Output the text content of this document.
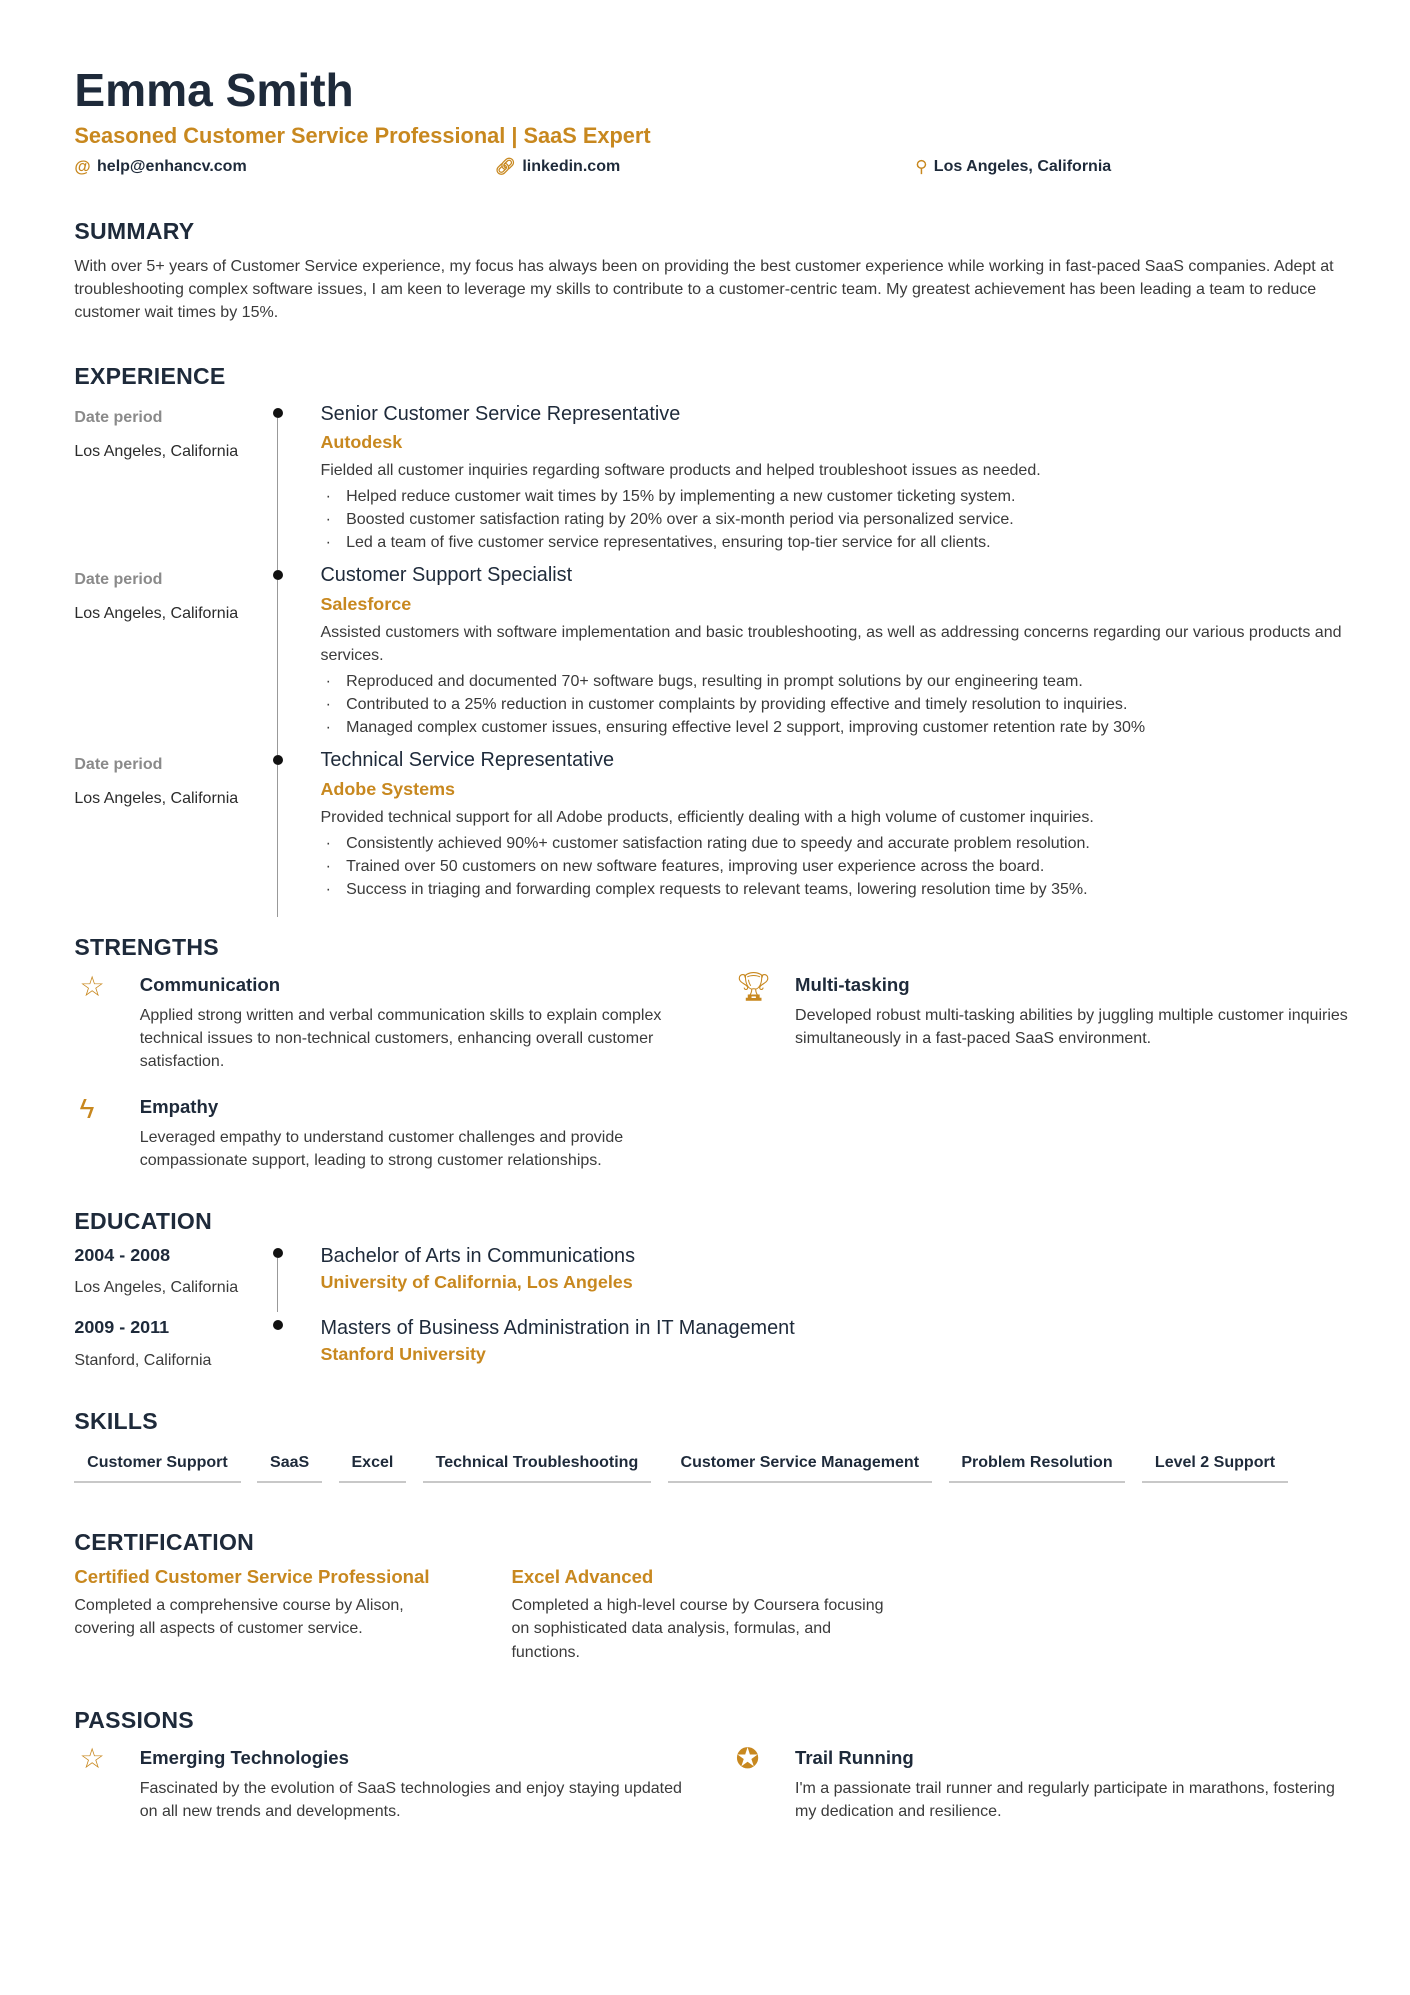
Emma Smith
Seasoned Customer Service Professional | SaaS Expert
@ help@enhancv.com	🔗︎ linkedin.com	⚲ Los Angeles, California
SUMMARY

With over 5+ years of Customer Service experience, my focus has always been on providing the best customer experience while working in fast-paced SaaS companies. Adept at troubleshooting complex software issues, I am keen to leverage my skills to contribute to a customer-centric team. My greatest achievement has been leading a team to reduce customer wait times by 15%.

EXPERIENCE
Date period
Los Angeles, California
Senior Customer Service Representative
Autodesk

Fielded all customer inquiries regarding software products and helped troubleshoot issues as needed.

· Helped reduce customer wait times by 15% by implementing a new customer ticketing system.
· Boosted customer satisfaction rating by 20% over a six-month period via personalized service.
· Led a team of five customer service representatives, ensuring top-tier service for all clients.
Date period
Los Angeles, California
Customer Support Specialist
Salesforce

Assisted customers with software implementation and basic troubleshooting, as well as addressing concerns regarding our various products and services.

· Reproduced and documented 70+ software bugs, resulting in prompt solutions by our engineering team.
· Contributed to a 25% reduction in customer complaints by providing effective and timely resolution to inquiries.
· Managed complex customer issues, ensuring effective level 2 support, improving customer retention rate by 30%
Date period
Los Angeles, California
Technical Service Representative
Adobe Systems

Provided technical support for all Adobe products, efficiently dealing with a high volume of customer inquiries.

· Consistently achieved 90%+ customer satisfaction rating due to speedy and accurate problem resolution.
· Trained over 50 customers on new software features, improving user experience across the board.
· Success in triaging and forwarding complex requests to relevant teams, lowering resolution time by 35%.
STRENGTHS
☆	Communication

Applied strong written and verbal communication skills to explain complex technical issues to non-technical customers, enhancing overall customer satisfaction.

🏆︎	Multi-tasking

Developed robust multi-tasking abilities by juggling multiple customer inquiries simultaneously in a fast-paced SaaS environment.

ϟ	Empathy

Leveraged empathy to understand customer challenges and provide compassionate support, leading to strong customer relationships.

EDUCATION
2004 - 2008
Los Angeles, California
Bachelor of Arts in Communications
University of California, Los Angeles
2009 - 2011
Stanford, California
Masters of Business Administration in IT Management
Stanford University
SKILLS
Customer Support	SaaS	Excel	Technical Troubleshooting	Customer Service Management	Problem Resolution	Level 2 Support
CERTIFICATION
Certified Customer Service Professional

Completed a comprehensive course by Alison, covering all aspects of customer service.

Excel Advanced

Completed a high-level course by Coursera focusing on sophisticated data analysis, formulas, and functions.

PASSIONS
☆	Emerging Technologies

Fascinated by the evolution of SaaS technologies and enjoy staying updated on all new trends and developments.

✪	Trail Running

I'm a passionate trail runner and regularly participate in marathons, fostering my dedication and resilience.
